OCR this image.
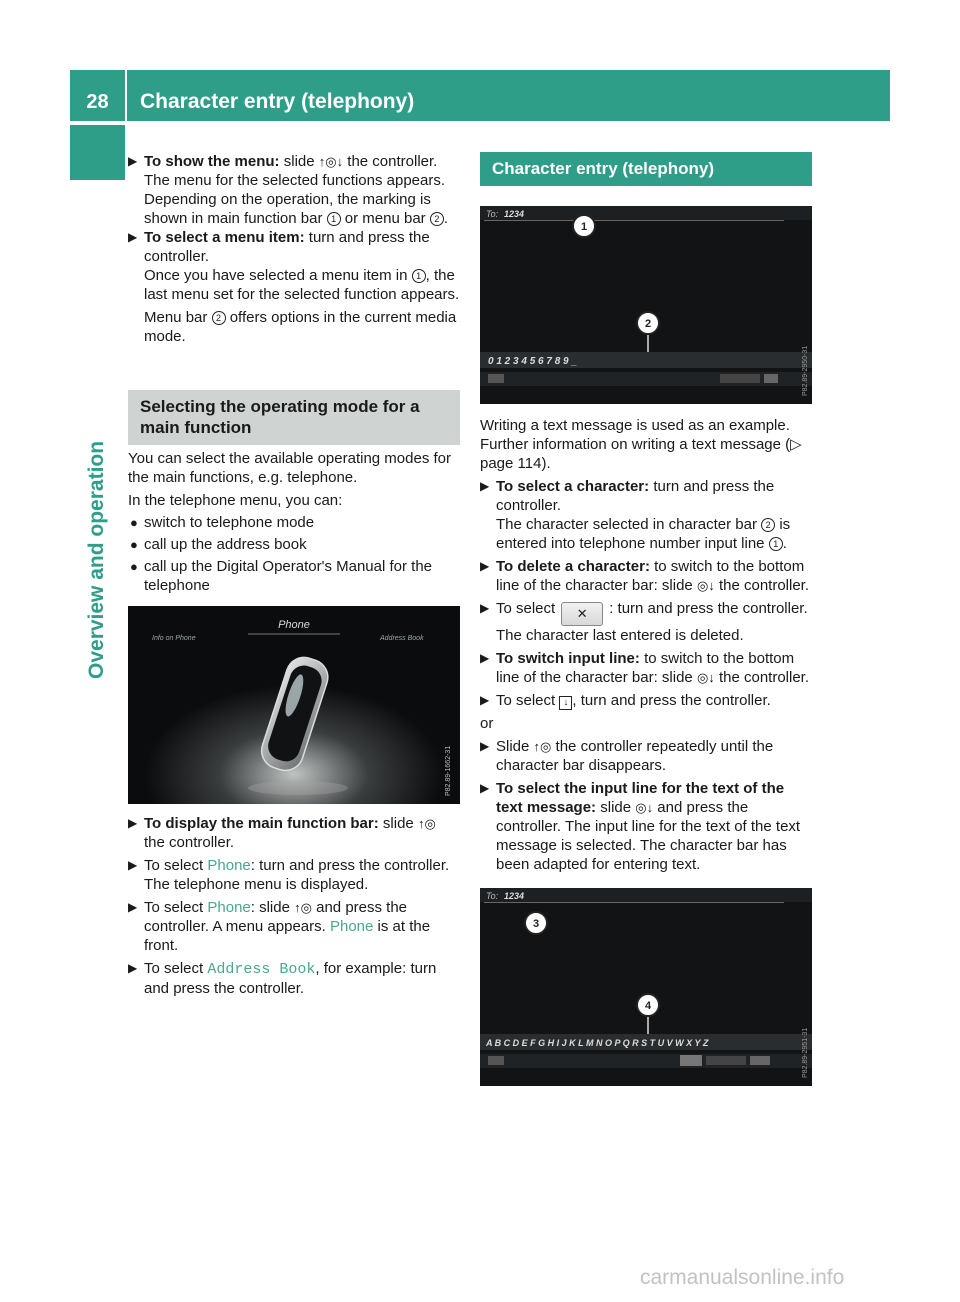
28	Character entry (telephony)
Overview and operation
▶ To show the menu: slide ↑◎↓ the controller. The menu for the selected functions appears. Depending on the operation, the marking is shown in main function bar 1 or menu bar 2 .
▶ To select a menu item: turn and press the controller.
Once you have selected a menu item in 1 , the last menu set for the selected function appears.
Menu bar 2 offers options in the current media mode.
Selecting the operating mode for a main function

You can select the available operating modes for the main functions, e.g. telephone.

In the telephone menu, you can:

● switch to telephone mode
● call up the address book
● call up the Digital Operator's Manual for the telephone
Phone
Info on Phone	Address Book
P82.89-1662-31
▶ To display the main function bar: slide ↑◎ the controller.
▶ To select Phone: turn and press the controller. The telephone menu is displayed.
▶ To select Phone: slide ↑◎ and press the controller. A menu appears. Phone is at the front.
▶ To select Address Book, for example: turn and press the controller.
Character entry (telephony)
To: 1234
1
2
0 1 2 3 4 5 6 7 8 9 _	P82.89-2950-31

Writing a text message is used as an example. Further information on writing a text message (▷ page 114).

▶ To select a character: turn and press the controller.
The character selected in character bar 2 is entered into telephone number input line 1 .
▶ To delete a character: to switch to the bottom line of the character bar: slide ◎↓ the controller.
▶ To select ✕ : turn and press the controller. The character last entered is deleted.
▶ To switch input line: to switch to the bottom line of the character bar: slide ◎↓ the controller.
▶ To select ↓ , turn and press the controller.

or

▶ Slide ↑◎ the controller repeatedly until the character bar disappears.
▶ To select the input line for the text of the text message: slide ◎↓ and press the controller. The input line for the text of the text message is selected. The character bar has been adapted for entering text.
To: 1234
3
4
A B C D E F G H I J K L M N O P Q R S T U V W X Y Z	P82.89-2951-31
carmanualsonline.info
